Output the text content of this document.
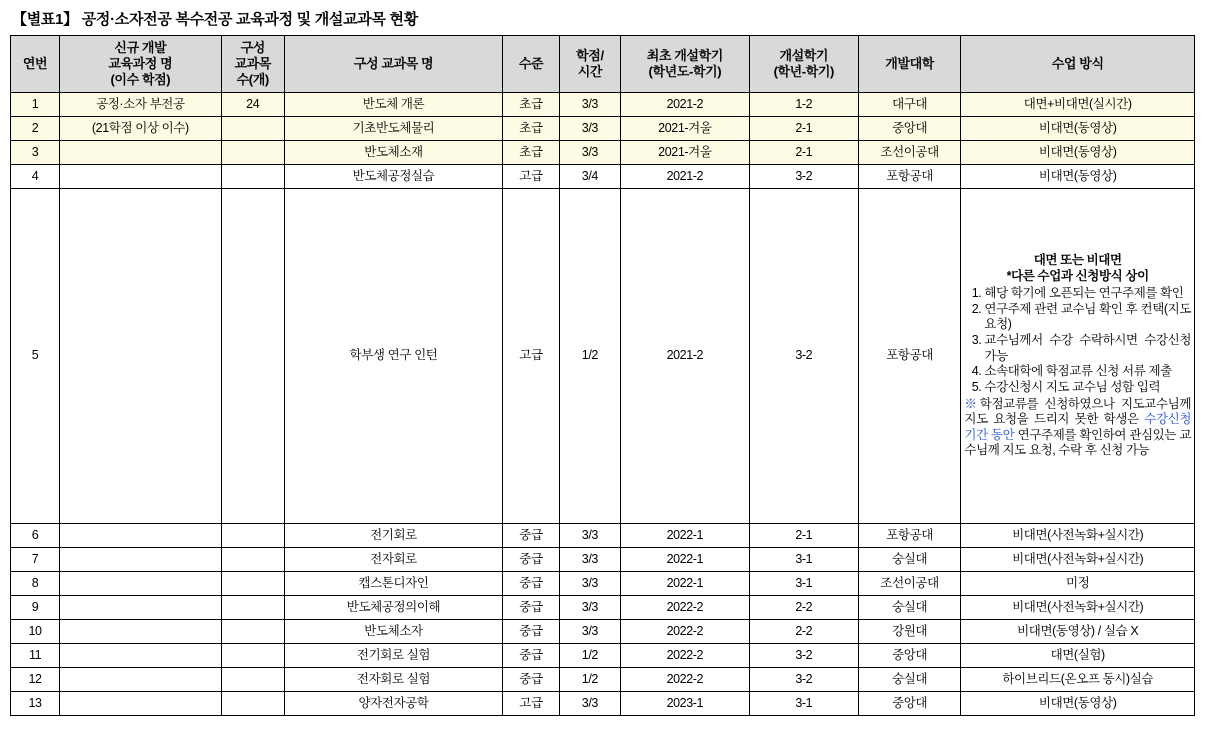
【별표1】 공정·소자전공 복수전공 교육과정 및 개설교과목 현황
연번	신규 개발
교육과정 명
(이수 학점)	구성
교과목
수(개)	구성 교과목 명	수준	학점/
시간	최초 개설학기
(학년도-학기)	개설학기
(학년-학기)	개발대학	수업 방식
1	공정·소자 부전공	24	반도체 개론	초급	3/3	2021-2	1-2	대구대	대면+비대면(실시간)
2	(21학점 이상 이수)		기초반도체물리	초급	3/3	2021-겨울	2-1	중앙대	비대면(동영상)
3			반도체소재	초급	3/3	2021-겨울	2-1	조선이공대	비대면(동영상)
4			반도체공정실습	고급	3/4	2021-2	3-2	포항공대	비대면(동영상)
5			학부생 연구 인턴	고급	1/2	2021-2	3-2	포항공대	
대면 또는 비대면
*다른 수업과 신청방식 상이
1. 해당 학기에 오픈되는 연구주제를 확인
2. 연구주제 관련 교수님 확인 후 컨택(지도요청)
3. 교수님께서 수강 수락하시면 수강신청 가능
4. 소속대학에 학점교류 신청 서류 제출
5. 수강신청시 지도 교수님 성함 입력
※학점교류를 신청하였으나 지도교수님께 지도 요청을 드리지 못한 학생은 수강신청 기간 동안 연구주제를 확인하여 관심있는 교수님께 지도 요청, 수락 후 신청 가능

6			전기회로	중급	3/3	2022-1	2-1	포항공대	비대면(사전녹화+실시간)
7			전자회로	중급	3/3	2022-1	3-1	숭실대	비대면(사전녹화+실시간)
8			캡스톤디자인	중급	3/3	2022-1	3-1	조선이공대	미정
9			반도체공정의이해	중급	3/3	2022-2	2-2	숭실대	비대면(사전녹화+실시간)
10			반도체소자	중급	3/3	2022-2	2-2	강원대	비대면(동영상) / 실습 X
11			전기회로 실험	중급	1/2	2022-2	3-2	중앙대	대면(실험)
12			전자회로 실험	중급	1/2	2022-2	3-2	숭실대	하이브리드(온오프 동시)실습
13			양자전자공학	고급	3/3	2023-1	3-1	중앙대	비대면(동영상)
